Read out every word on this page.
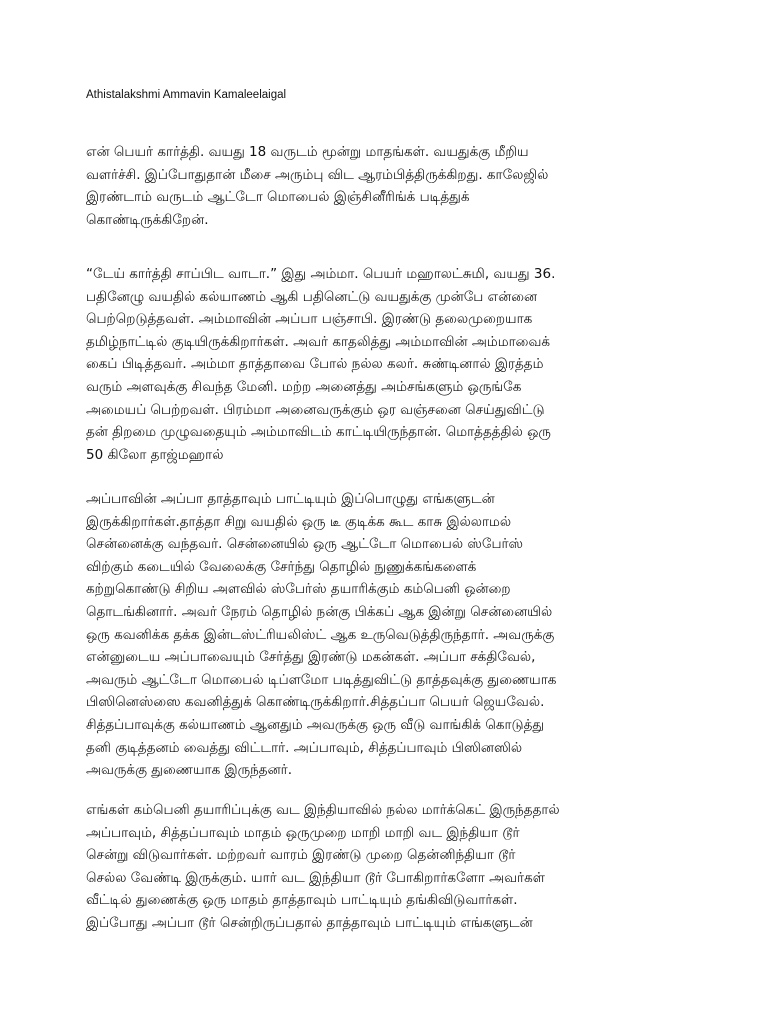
Athistalakshmi Ammavin Kamaleelaigal
என் பெயர் கார்த்தி. வயது 18 வருடம் மூன்று மாதங்கள். வயதுக்கு மீறிய
வளர்ச்சி. இப்போதுதான் மீசை அரும்பு விட ஆரம்பித்திருக்கிறது. காலேஜில்
இரண்டாம் வருடம் ஆட்டோ மொபைல் இஞ்சினீரிங்க் படித்துக்
கொண்டிருக்கிறேன்.
“டேய் கார்த்தி சாப்பிட வாடா.” இது அம்மா. பெயர் மஹாலட்சுமி, வயது 36.
பதினேழு வயதில் கல்யாணம் ஆகி பதினெட்டு வயதுக்கு முன்பே என்னை
பெற்றெடுத்தவள். அம்மாவின் அப்பா பஞ்சாபி. இரண்டு தலைமுறையாக
தமிழ்நாட்டில் குடியிருக்கிறார்கள். அவர் காதலித்து அம்மாவின் அம்மாவைக்
கைப் பிடித்தவர். அம்மா தாத்தாவை போல் நல்ல கலர். சுண்டினால் இரத்தம்
வரும் அளவுக்கு சிவந்த மேனி. மற்ற அனைத்து அம்சங்களும் ஒருங்கே
அமையப் பெற்றவள். பிரம்மா அனைவருக்கும் ஒர வஞ்சனை செய்துவிட்டு
தன் திறமை முழுவதையும் அம்மாவிடம் காட்டியிருந்தான். மொத்தத்தில் ஒரு
50 கிலோ தாஜ்மஹால்
அப்பாவின் அப்பா தாத்தாவும் பாட்டியும் இப்பொழுது எங்களுடன்
இருக்கிறார்கள்.தாத்தா சிறு வயதில் ஒரு டீ குடிக்க கூட காசு இல்லாமல்
சென்னைக்கு வந்தவர். சென்னையில் ஒரு ஆட்டோ மொபைல் ஸ்பேர்ஸ்
விற்கும் கடையில் வேலைக்கு சேர்ந்து தொழில் நுணுக்கங்களைக்
கற்றுகொண்டு சிறிய அளவில் ஸ்பேர்ஸ் தயாரிக்கும் கம்பெனி ஒன்றை
தொடங்கினார். அவர் நேரம் தொழில் நன்கு பிக்கப் ஆக இன்று சென்னையில்
ஒரு கவனிக்க தக்க இன்டஸ்ட்ரியலிஸ்ட் ஆக உருவெடுத்திருந்தார். அவருக்கு
என்னுடைய அப்பாவையும் சேர்த்து இரண்டு மகன்கள். அப்பா சக்திவேல்,
அவரும் ஆட்டோ மொபைல் டிப்ளமோ படித்துவிட்டு தாத்தவுக்கு துணையாக
பிஸினெஸ்ஸை கவனித்துக் கொண்டிருக்கிறார்.சித்தப்பா பெயர் ஜெயவேல்.
சித்தப்பாவுக்கு கல்யாணம் ஆனதும் அவருக்கு ஒரு வீடு வாங்கிக் கொடுத்து
தனி குடித்தனம் வைத்து விட்டார். அப்பாவும், சித்தப்பாவும் பிஸினஸில்
அவருக்கு துணையாக இருந்தனர்.
எங்கள் கம்பெனி தயாரிப்புக்கு வட இந்தியாவில் நல்ல மார்க்கெட் இருந்ததால்
அப்பாவும், சித்தப்பாவும் மாதம் ஒருமுறை மாறி மாறி வட இந்தியா டூர்
சென்று விடுவார்கள். மற்றவர் வாரம் இரண்டு முறை தென்னிந்தியா டூர்
செல்ல வேண்டி இருக்கும். யார் வட இந்தியா டூர் போகிறார்களோ அவர்கள்
வீட்டில் துணைக்கு ஒரு மாதம் தாத்தாவும் பாட்டியும் தங்கிவிடுவார்கள்.
இப்போது அப்பா டூர் சென்றிருப்பதால் தாத்தாவும் பாட்டியும் எங்களுடன்
